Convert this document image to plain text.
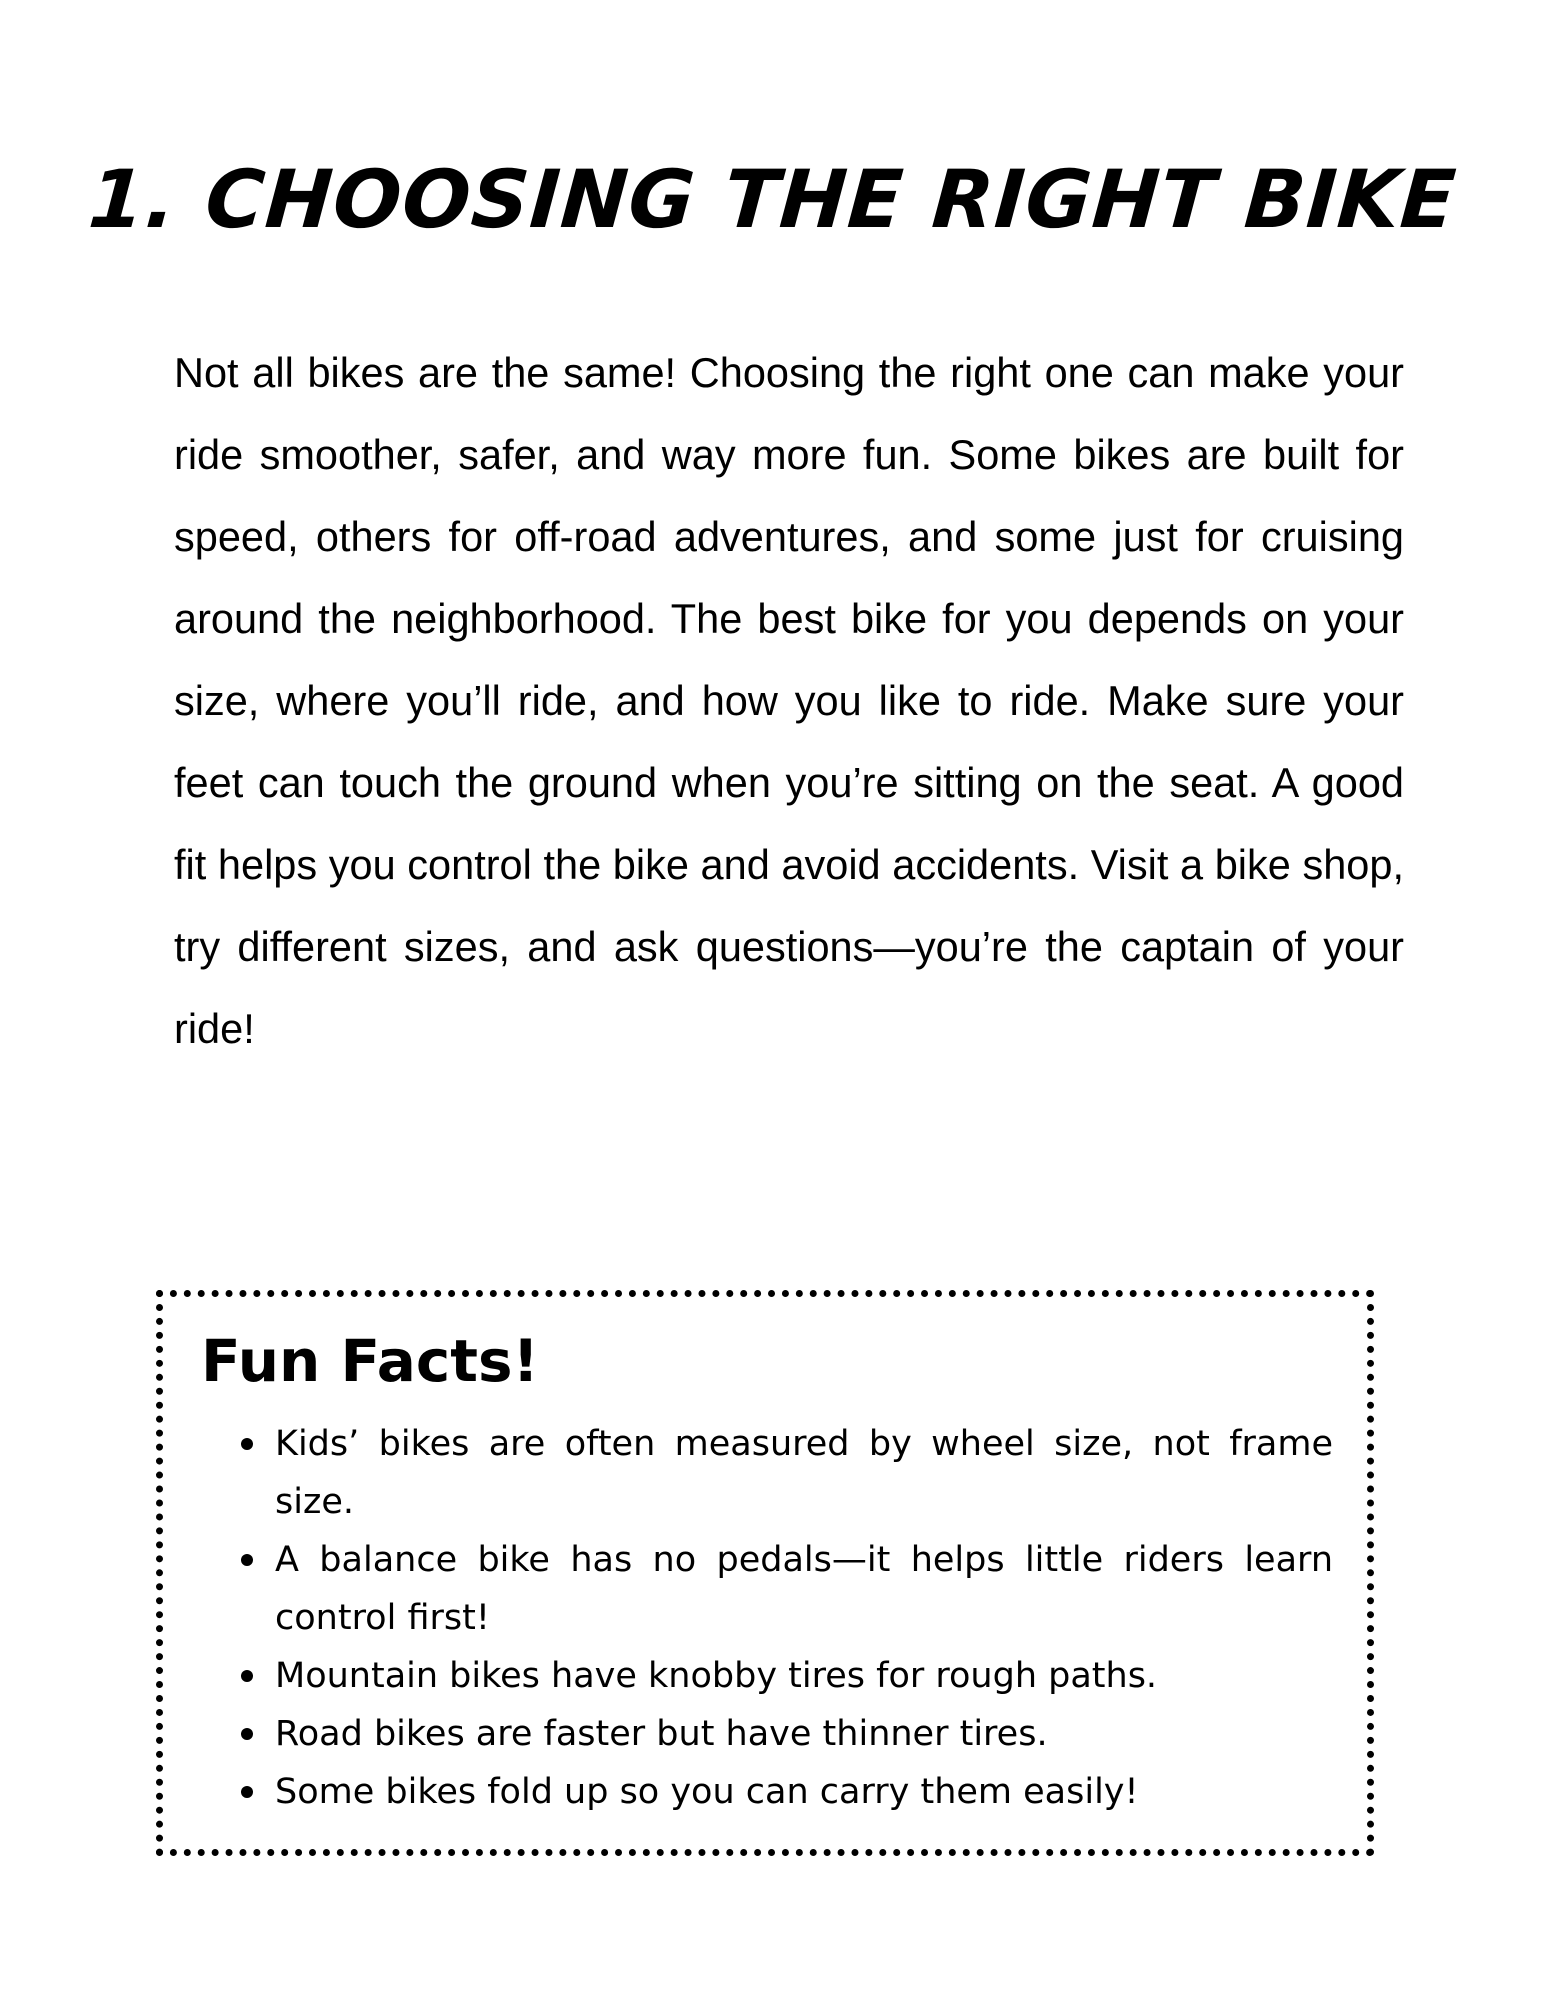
1. CHOOSING THE RIGHT BIKE

Not all bikes are the same! Choosing the right one can make your ride smoother, safer, and way more fun. Some bikes are built for speed, others for off-road adventures, and some just for cruising around the neighborhood. The best bike for you depends on your size, where you’ll ride, and how you like to ride. Make sure your feet can touch the ground when you’re sitting on the seat. A good fit helps you control the bike and avoid accidents. Visit a bike shop, try different sizes, and ask questions—you’re the captain of your ride!

Fun Facts!
Kids’ bikes are often measured by wheel size, not frame size.
A balance bike has no pedals—it helps little riders learn control first!
Mountain bikes have knobby tires for rough paths.
Road bikes are faster but have thinner tires.
Some bikes fold up so you can carry them easily!
